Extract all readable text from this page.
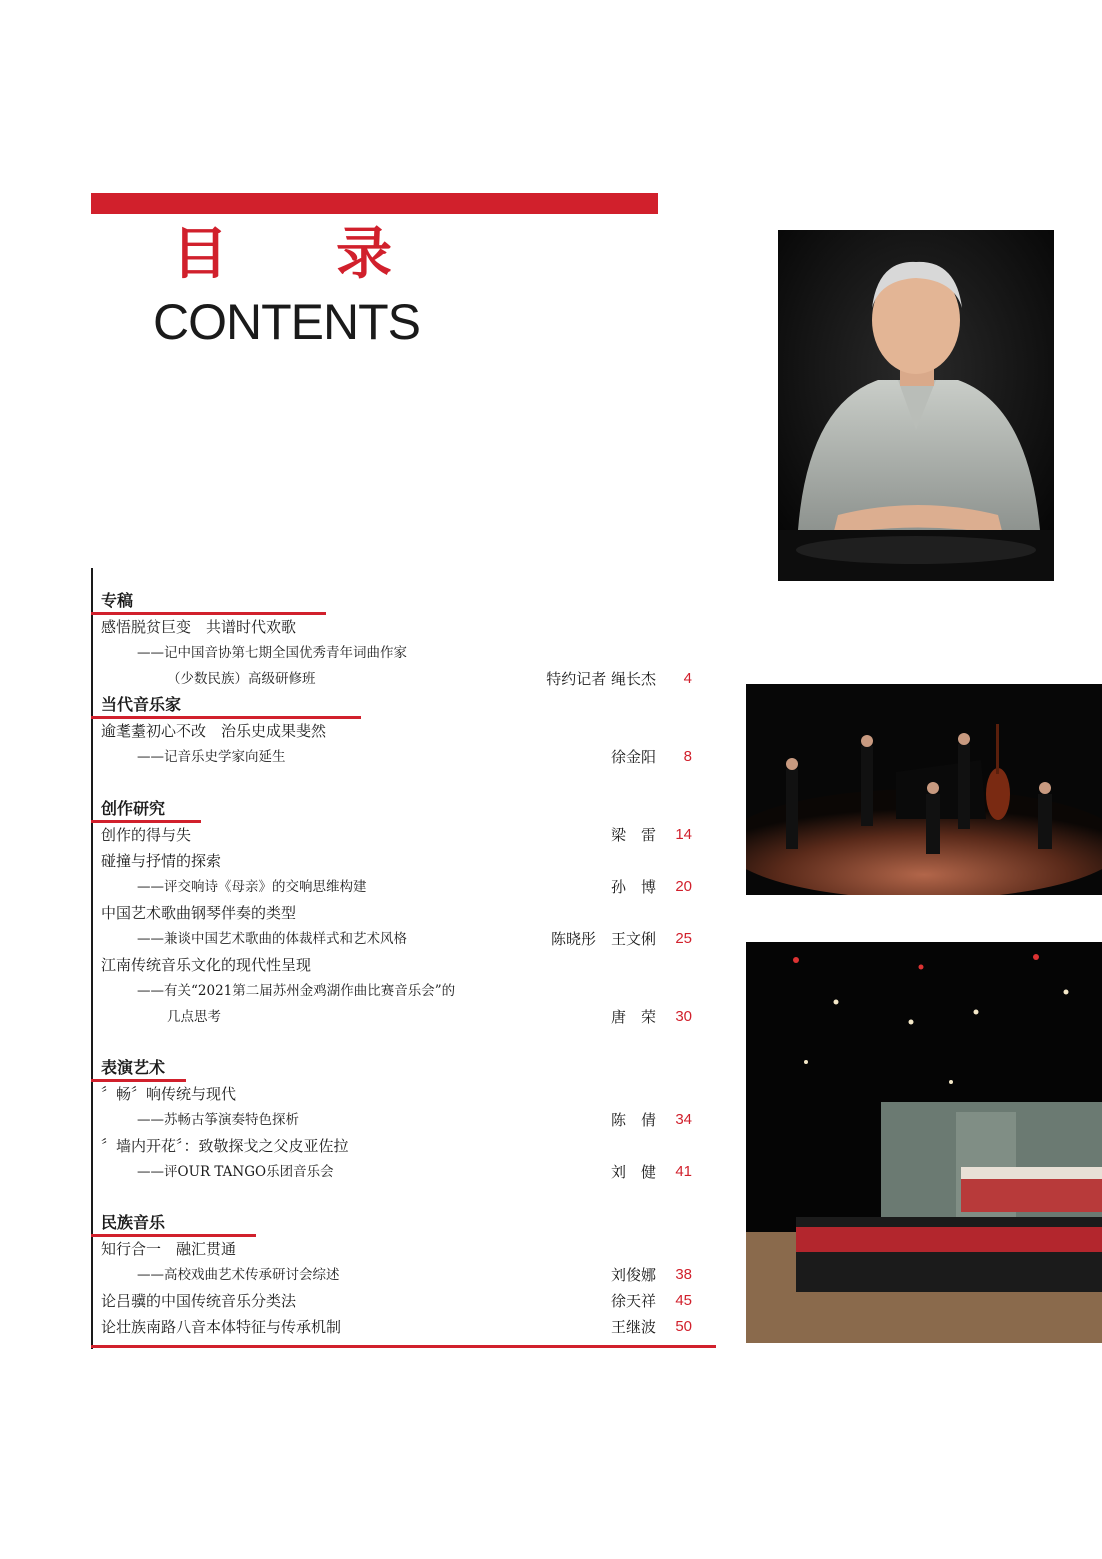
目 录
CONTENTS
专稿
感悟脱贫巨变　共谱时代欢歌
——记中国音协第七期全国优秀青年词曲作家
（少数民族）高级研修班	特约记者 绳长杰	4
当代音乐家
逾耄耋初心不改　治乐史成果斐然
——记音乐史学家向延生	徐金阳	8
创作研究
创作的得与失	梁　雷	14
碰撞与抒情的探索
——评交响诗《母亲》的交响思维构建	孙　博	20
中国艺术歌曲钢琴伴奏的类型
——兼谈中国艺术歌曲的体裁样式和艺术风格	陈晓彤　王文俐	25
江南传统音乐文化的现代性呈现
——有关“2021第二届苏州金鸡湖作曲比赛音乐会”的
几点思考	唐　荣	30
表演艺术
〞畅〞响传统与现代
——苏畅古筝演奏特色探析	陈　倩	34
〞墙内开花〞：致敬探戈之父皮亚佐拉
——评OUR TANGO乐团音乐会	刘　健	41
民族音乐
知行合一　融汇贯通
——高校戏曲艺术传承研讨会综述	刘俊娜	38
论吕骥的中国传统音乐分类法	徐天祥	45
论壮族南路八音本体特征与传承机制	王继波	50
